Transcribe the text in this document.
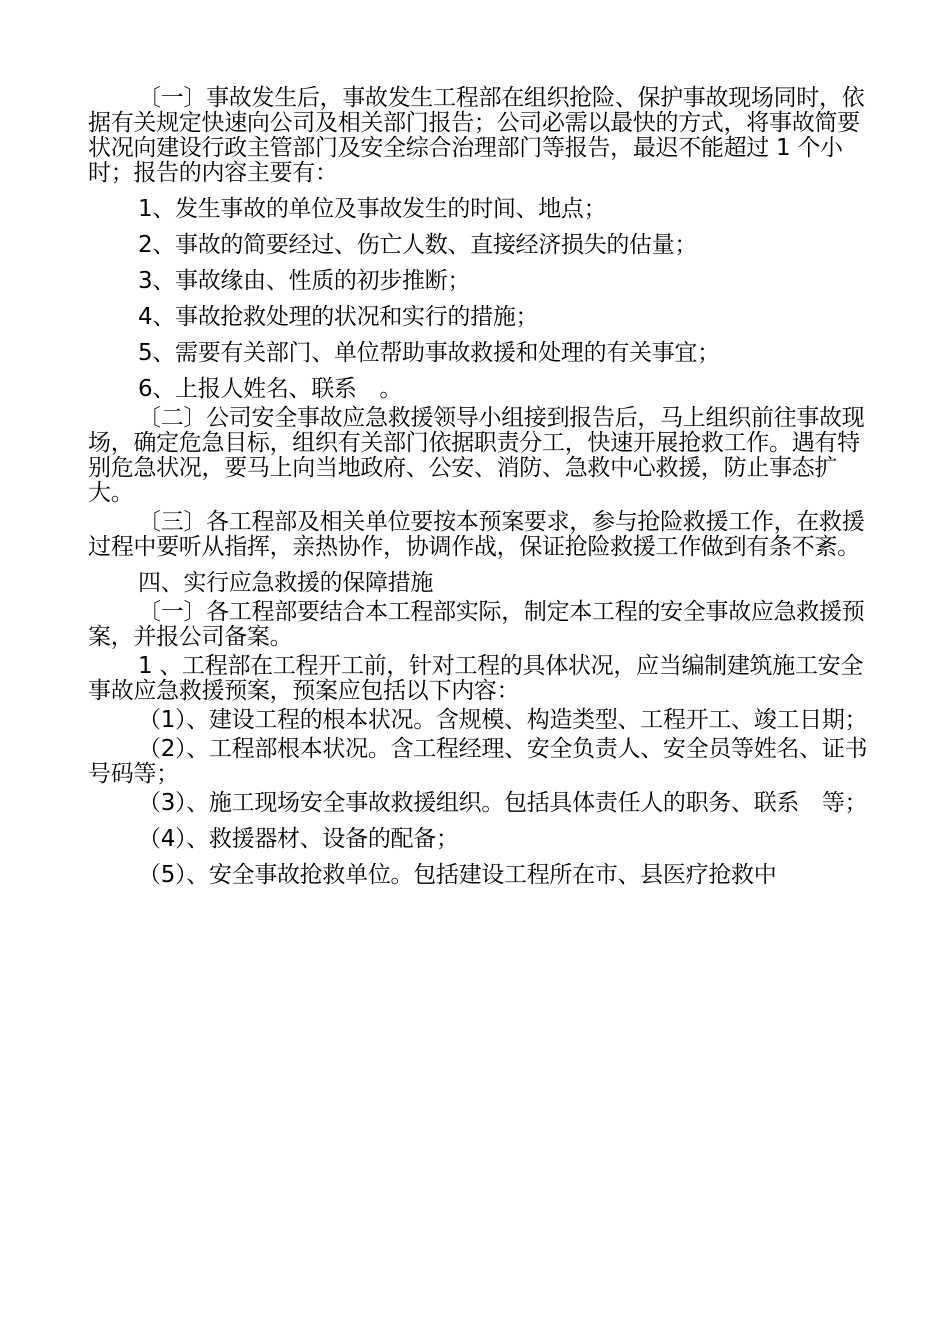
〔一〕事故发生后，事故发生工程部在组织抢险、保护事故现场同时，依据有关规定快速向公司及相关部门报告；公司必需以最快的方式，将事故简要状况向建设行政主管部门及安全综合治理部门等报告，最迟不能超过 1 个小时；报告的内容主要有：

1、发生事故的单位及事故发生的时间、地点；

2、事故的简要经过、伤亡人数、直接经济损失的估量；

3、事故缘由、性质的初步推断；

4、事故抢救处理的状况和实行的措施；

5、需要有关部门、单位帮助事故救援和处理的有关事宜；

6、上报人姓名、联系　。

〔二〕公司安全事故应急救援领导小组接到报告后，马上组织前往事故现场，确定危急目标，组织有关部门依据职责分工，快速开展抢救工作。遇有特别危急状况，要马上向当地政府、公安、消防、急救中心救援，防止事态扩大。

〔三〕各工程部及相关单位要按本预案要求，参与抢险救援工作，在救援过程中要听从指挥，亲热协作，协调作战，保证抢险救援工作做到有条不紊。

四、实行应急救援的保障措施

〔一〕各工程部要结合本工程部实际，制定本工程的安全事故应急救援预案，并报公司备案。

1 、工程部在工程开工前，针对工程的具体状况，应当编制建筑施工安全事故应急救援预案，预案应包括以下内容：

（1）、建设工程的根本状况。含规模、构造类型、工程开工、竣工日期；

（2）、工程部根本状况。含工程经理、安全负责人、安全员等姓名、证书号码等；

（3）、施工现场安全事故救援组织。包括具体责任人的职务、联系　等；

（4）、救援器材、设备的配备；

（5）、安全事故抢救单位。包括建设工程所在市、县医疗抢救中
